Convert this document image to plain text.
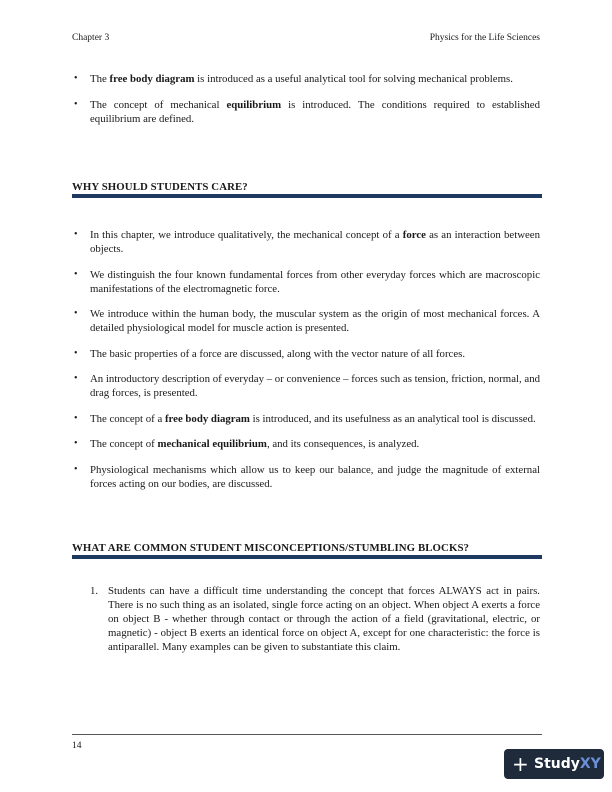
Chapter 3	Physics for the Life Sciences
• The free body diagram is introduced as a useful analytical tool for solving mechanical problems.
• The concept of mechanical equilibrium is introduced. The conditions required to established equilibrium are defined.
WHY SHOULD STUDENTS CARE?
• In this chapter, we introduce qualitatively, the mechanical concept of a force as an interaction between objects.
• We distinguish the four known fundamental forces from other everyday forces which are macroscopic manifestations of the electromagnetic force.
• We introduce within the human body, the muscular system as the origin of most mechanical forces. A detailed physiological model for muscle action is presented.
• The basic properties of a force are discussed, along with the vector nature of all forces.
• An introductory description of everyday – or convenience – forces such as tension, friction, normal, and drag forces, is presented.
• The concept of a free body diagram is introduced, and its usefulness as an analytical tool is discussed.
• The concept of mechanical equilibrium, and its consequences, is analyzed.
• Physiological mechanisms which allow us to keep our balance, and judge the magnitude of external forces acting on our bodies, are discussed.
WHAT ARE COMMON STUDENT MISCONCEPTIONS/STUMBLING BLOCKS?
1. Students can have a difficult time understanding the concept that forces ALWAYS act in pairs. There is no such thing as an isolated, single force acting on an object. When object A exerts a force on object B - whether through contact or through the action of a field (gravitational, electric, or magnetic) - object B exerts an identical force on object A, except for one characteristic: the force is antiparallel. Many examples can be given to substantiate this claim.
14
+ StudyXY
